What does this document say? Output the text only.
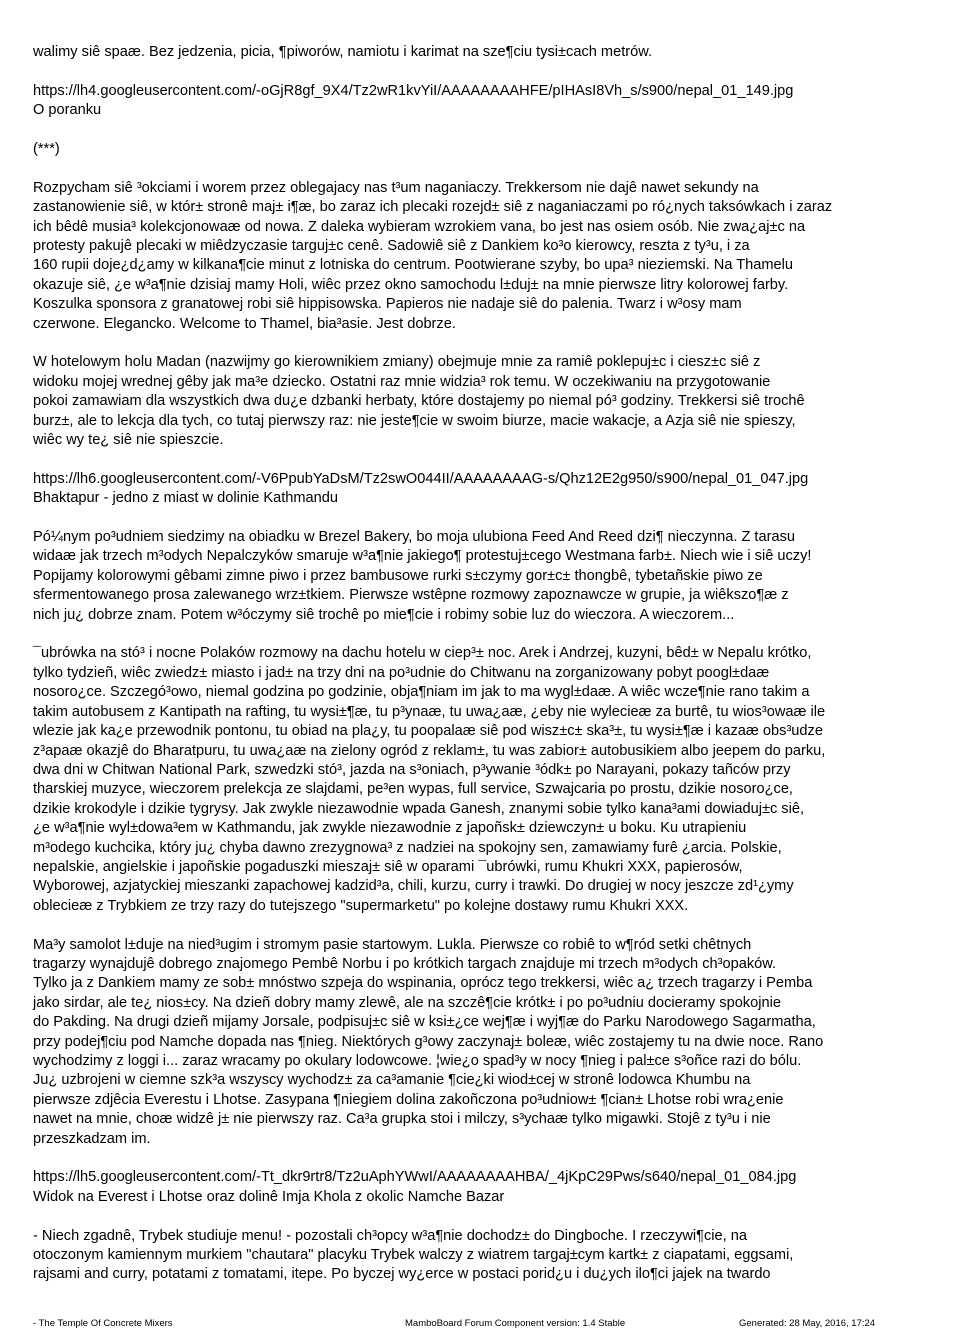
walimy siê spaæ. Bez jedzenia, picia, ¶piworów, namiotu i karimat na sze¶ciu tysi±cach metrów.
https://lh4.googleusercontent.com/-oGjR8gf_9X4/Tz2wR1kvYiI/AAAAAAAAHFE/pIHAsI8Vh_s/s900/nepal_01_149.jpg
O poranku
(***)
Rozpycham siê ³okciami i worem przez oblegajacy nas t³um naganiaczy. Trekkersom nie dajê nawet sekundy na
zastanowienie siê, w któr± stronê maj± i¶æ, bo zaraz ich plecaki rozejd± siê z naganiaczami po ró¿nych taksówkach i zaraz
ich bêdê musia³ kolekcjonowaæ od nowa. Z daleka wybieram wzrokiem vana, bo jest nas osiem osób. Nie zwa¿aj±c na
protesty pakujê plecaki w miêdzyczasie targuj±c cenê. Sadowiê siê z Dankiem ko³o kierowcy, reszta z ty³u, i za
160 rupii doje¿d¿amy w kilkana¶cie minut z lotniska do centrum. Pootwierane szyby, bo upa³ nieziemski. Na Thamelu
okazuje siê, ¿e w³a¶nie dzisiaj mamy Holi, wiêc przez okno samochodu l±duj± na mnie pierwsze litry kolorowej farby.
Koszulka sponsora z granatowej robi siê hippisowska. Papieros nie nadaje siê do palenia. Twarz i w³osy mam
czerwone. Elegancko. Welcome to Thamel, bia³asie. Jest dobrze.
W hotelowym holu Madan (nazwijmy go kierownikiem zmiany) obejmuje mnie za ramiê poklepuj±c i ciesz±c siê z
widoku mojej wrednej gêby jak ma³e dziecko. Ostatni raz mnie widzia³ rok temu. W oczekiwaniu na przygotowanie
pokoi zamawiam dla wszystkich dwa du¿e dzbanki herbaty, które dostajemy po niemal pó³ godziny. Trekkersi siê trochê
burz±, ale to lekcja dla tych, co tutaj pierwszy raz: nie jeste¶cie w swoim biurze, macie wakacje, a Azja siê nie spieszy,
wiêc wy te¿ siê nie spieszcie.
https://lh6.googleusercontent.com/-V6PpubYaDsM/Tz2swO044II/AAAAAAAAG-s/Qhz12E2g950/s900/nepal_01_047.jpg
Bhaktapur - jedno z miast w dolinie Kathmandu
Pó¼nym po³udniem siedzimy na obiadku w Brezel Bakery, bo moja ulubiona Feed And Reed dzi¶ nieczynna. Z tarasu
widaæ jak trzech m³odych Nepalczyków smaruje w³a¶nie jakiego¶ protestuj±cego Westmana farb±. Niech wie i siê uczy!
Popijamy kolorowymi gêbami zimne piwo i przez bambusowe rurki s±czymy gor±c± thongbê, tybetañskie piwo ze
sfermentowanego prosa zalewanego wrz±tkiem. Pierwsze wstêpne rozmowy zapoznawcze w grupie, ja wiêkszo¶æ z
nich ju¿ dobrze znam. Potem w³óczymy siê trochê po mie¶cie i robimy sobie luz do wieczora. A wieczorem...
¯ubrówka na stó³ i nocne Polaków rozmowy na dachu hotelu w ciep³± noc. Arek i Andrzej, kuzyni, bêd± w Nepalu krótko,
tylko tydzieñ, wiêc zwiedz± miasto i jad± na trzy dni na po³udnie do Chitwanu na zorganizowany pobyt poogl±daæ
nosoro¿ce. Szczegó³owo, niemal godzina po godzinie, obja¶niam im jak to ma wygl±daæ. A wiêc wcze¶nie rano takim a
takim autobusem z Kantipath na rafting, tu wysi±¶æ, tu p³ynaæ, tu uwa¿aæ, ¿eby nie wylecieæ za burtê, tu wios³owaæ ile
wlezie jak ka¿e przewodnik pontonu, tu obiad na pla¿y, tu poopalaæ siê pod wisz±c± ska³±, tu wysi±¶æ i kazaæ obs³udze
z³apaæ okazjê do Bharatpuru, tu uwa¿aæ na zielony ogród z reklam±, tu was zabior± autobusikiem albo jeepem do parku,
dwa dni w Chitwan National Park, szwedzki stó³, jazda na s³oniach, p³ywanie ³ódk± po Narayani, pokazy tañców przy
tharskiej muzyce, wieczorem prelekcja ze slajdami, pe³en wypas, full service, Szwajcaria po prostu, dzikie nosoro¿ce,
dzikie krokodyle i dzikie tygrysy. Jak zwykle niezawodnie wpada Ganesh, znanymi sobie tylko kana³ami dowiaduj±c siê,
¿e w³a¶nie wyl±dowa³em w Kathmandu, jak zwykle niezawodnie z japoñsk± dziewczyn± u boku. Ku utrapieniu
m³odego kuchcika, który ju¿ chyba dawno zrezygnowa³ z nadziei na spokojny sen, zamawiamy furê ¿arcia. Polskie,
nepalskie, angielskie i japoñskie pogaduszki mieszaj± siê w oparami ¯ubrówki, rumu Khukri XXX, papierosów,
Wyborowej, azjatyckiej mieszanki zapachowej kadzid³a, chili, kurzu, curry i trawki. Do drugiej w nocy jeszcze zd¹¿ymy
oblecieæ z Trybkiem ze trzy razy do tutejszego "supermarketu" po kolejne dostawy rumu Khukri XXX.
Ma³y samolot l±duje na nied³ugim i stromym pasie startowym. Lukla. Pierwsze co robiê to w¶ród setki chêtnych
tragarzy wynajdujê dobrego znajomego Pembê Norbu i po krótkich targach znajduje mi trzech m³odych ch³opaków.
Tylko ja z Dankiem mamy ze sob± mnóstwo szpeja do wspinania, oprócz tego trekkersi, wiêc a¿ trzech tragarzy i Pemba
jako sirdar, ale te¿ nios±cy. Na dzieñ dobry mamy zlewê, ale na szczê¶cie krótk± i po po³udniu docieramy spokojnie
do Pakding. Na drugi dzieñ mijamy Jorsale, podpisuj±c siê w ksi±¿ce wej¶æ i wyj¶æ do Parku Narodowego Sagarmatha,
przy podej¶ciu pod Namche dopada nas ¶nieg. Niektórych g³owy zaczynaj± boleæ, wiêc zostajemy tu na dwie noce. Rano
wychodzimy z loggi i... zaraz wracamy po okulary lodowcowe. ¦wie¿o spad³y w nocy ¶nieg i pal±ce s³oñce razi do bólu.
Ju¿ uzbrojeni w ciemne szk³a wszyscy wychodz± za ca³amanie ¶cie¿ki wiod±cej w stronê lodowca Khumbu na
pierwsze zdjêcia Everestu i Lhotse. Zasypana ¶niegiem dolina zakoñczona po³udniow± ¶cian± Lhotse robi wra¿enie
nawet na mnie, choæ widzê j± nie pierwszy raz. Ca³a grupka stoi i milczy, s³ychaæ tylko migawki. Stojê z ty³u i nie
przeszkadzam im.
https://lh5.googleusercontent.com/-Tt_dkr9rtr8/Tz2uAphYWwI/AAAAAAAAHBA/_4jKpC29Pws/s640/nepal_01_084.jpg
Widok na Everest i Lhotse oraz dolinê Imja Khola z okolic Namche Bazar
- Niech zgadnê, Trybek studiuje menu! - pozostali ch³opcy w³a¶nie dochodz± do Dingboche. I rzeczywi¶cie, na
otoczonym kamiennym murkiem "chautara" placyku Trybek walczy z wiatrem targaj±cym kartk± z ciapatami, eggsami,
rajsami and curry, potatami z tomatami, itepe. Po byczej wy¿erce w postaci porid¿u i du¿ych ilo¶ci jajek na twardo
- The Temple Of Concrete Mixers	MamboBoard Forum Component version: 1.4 Stable	Generated: 28 May, 2016, 17:24
